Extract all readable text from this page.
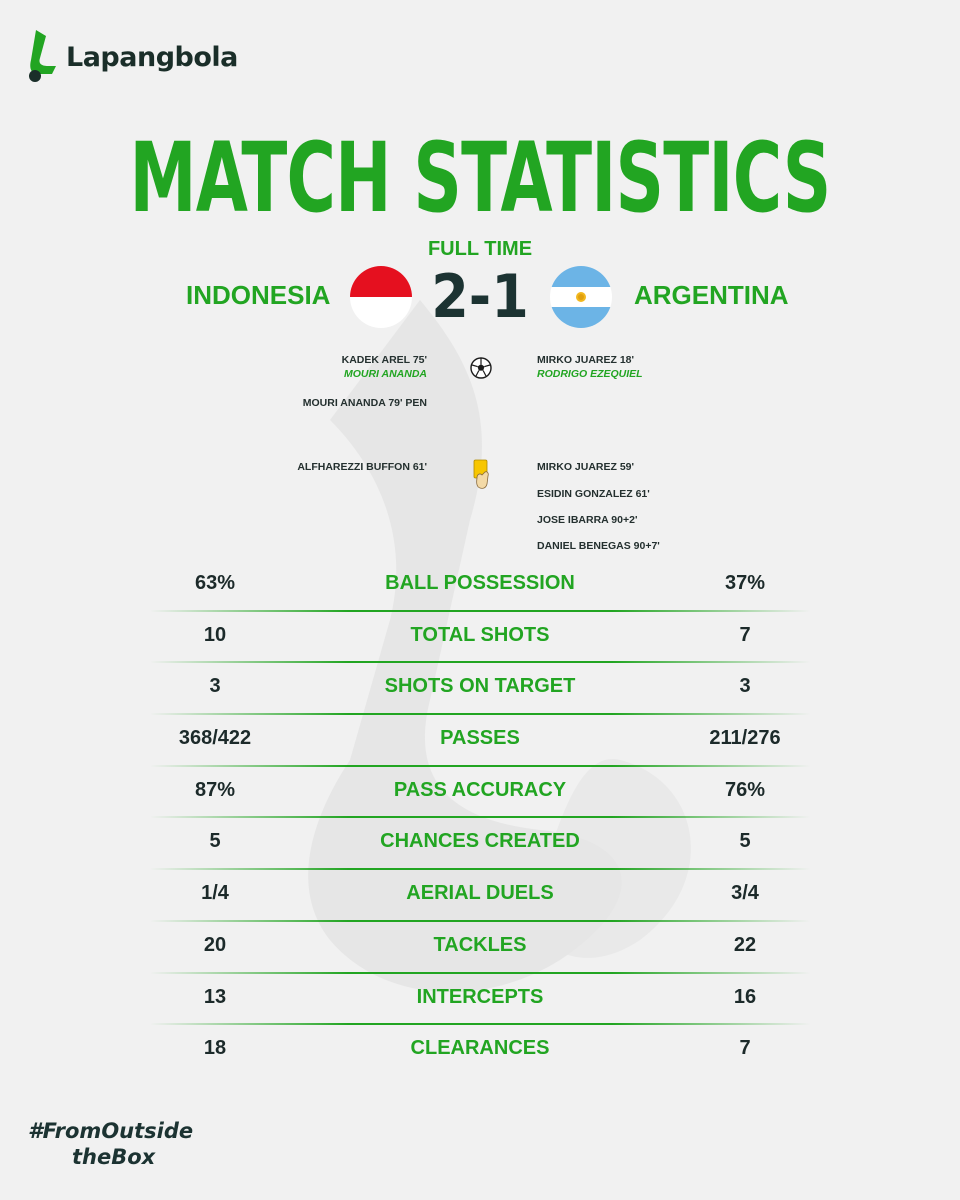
Lapangbola
MATCH STATISTICS
FULL TIME
INDONESIA 2-1	ARGENTINA
KADEK AREL 75'
MOURI ANANDA
MOURI ANANDA 79' PEN
MIRKO JUAREZ 18'
RODRIGO EZEQUIEL
ALFHAREZZI BUFFON 61'	MIRKO JUAREZ 59'
ESIDIN GONZALEZ 61'
JOSE IBARRA 90+2'
DANIEL BENEGAS 90+7'
63%	BALL POSSESSION	37%
10	TOTAL SHOTS	7
3	SHOTS ON TARGET	3
368/422	PASSES	211/276
87%	PASS ACCURACY	76%
5	CHANCES CREATED	5
1/4	AERIAL DUELS	3/4
20	TACKLES	22
13	INTERCEPTS	16
18	CLEARANCES	7
#FromOutside
theBox
